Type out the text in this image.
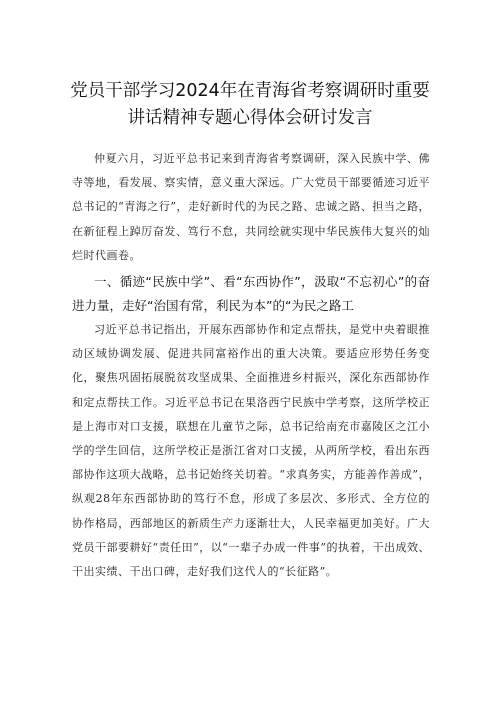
党员干部学习2024年在青海省考察调研时重要
讲话精神专题心得体会研讨发言

仲夏六月，习近平总书记来到青海省考察调研，深入民族中学、佛寺等地，看发展、察实情，意义重大深远。广大党员干部要循迹习近平总书记的“青海之行”，走好新时代的为民之路、忠诚之路、担当之路，在新征程上踔厉奋发、笃行不怠，共同绘就实现中华民族伟大复兴的灿烂时代画卷。

一、循迹“民族中学”、看“东西协作”，汲取“不忘初心”的奋进力量，走好“治国有常，利民为本”的“为民之路工

习近平总书记指出，开展东西部协作和定点帮扶，是党中央着眼推动区域协调发展、促进共同富裕作出的重大决策。要适应形势任务变化，聚焦巩固拓展脱贫攻坚成果、全面推进乡村振兴，深化东西部协作和定点帮扶工作。习近平总书记在果洛西宁民族中学考察，这所学校正是上海市对口支援，联想在儿童节之际，总书记给南充市嘉陵区之江小学的学生回信，这所学校正是浙江省对口支援，从两所学校，看出东西部协作这项大战略，总书记始终关切着。“求真务实，方能善作善成”，纵观28年东西部协助的笃行不怠，形成了多层次、多形式、全方位的协作格局，西部地区的新质生产力逐渐壮大，人民幸福更加美好。广大党员干部要耕好“责任田”，以“一辈子办成一件事”的执着，干出成效、干出实绩、干出口碑，走好我们这代人的“长征路”。
